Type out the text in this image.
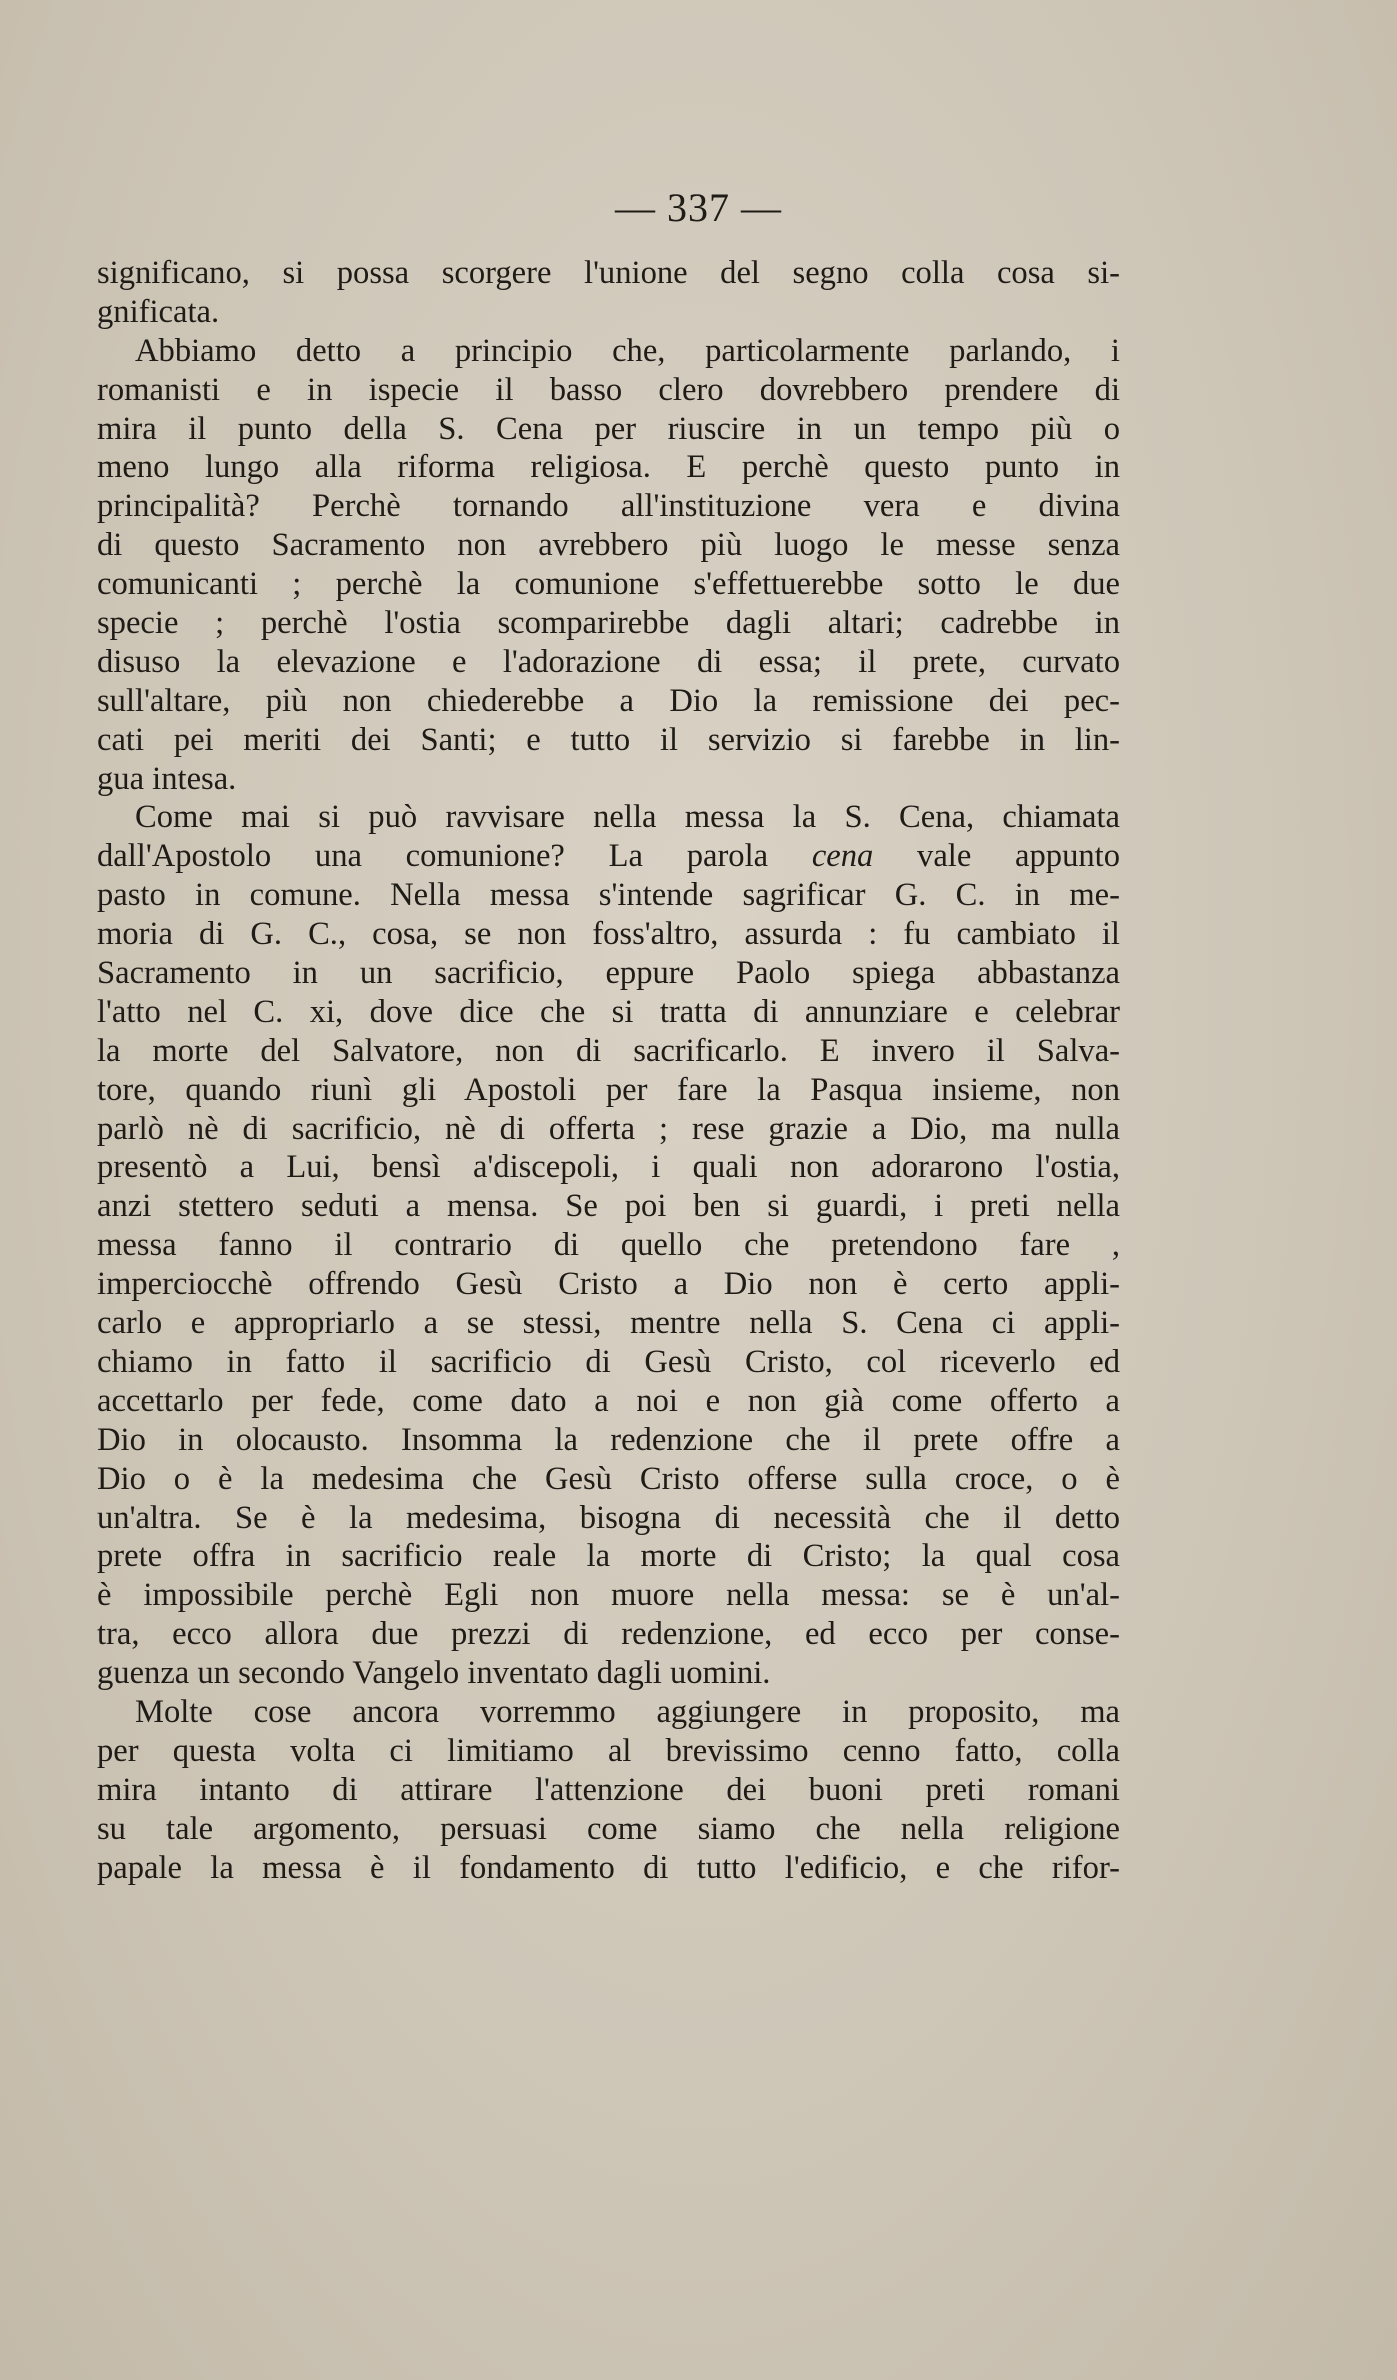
— 337 —

significano, si possa scorgere l'unione del segno colla cosa si-
gnificata.

Abbiamo detto a principio che, particolarmente parlando, i
romanisti e in ispecie il basso clero dovrebbero prendere di
mira il punto della S. Cena per riuscire in un tempo più o
meno lungo alla riforma religiosa. E perchè questo punto in
principalità? Perchè tornando all'instituzione vera e divina
di questo Sacramento non avrebbero più luogo le messe senza
comunicanti ; perchè la comunione s'effettuerebbe sotto le due
specie ; perchè l'ostia scomparirebbe dagli altari; cadrebbe in
disuso la elevazione e l'adorazione di essa; il prete, curvato
sull'altare, più non chiederebbe a Dio la remissione dei pec-
cati pei meriti dei Santi; e tutto il servizio si farebbe in lin-
gua intesa.

Come mai si può ravvisare nella messa la S. Cena, chiamata
dall'Apostolo una comunione? La parola cena vale appunto
pasto in comune. Nella messa s'intende sagrificar G. C. in me-
moria di G. C., cosa, se non foss'altro, assurda : fu cambiato il
Sacramento in un sacrificio, eppure Paolo spiega abbastanza
l'atto nel C. xi, dove dice che si tratta di annunziare e celebrar
la morte del Salvatore, non di sacrificarlo. E invero il Salva-
tore, quando riunì gli Apostoli per fare la Pasqua insieme, non
parlò nè di sacrificio, nè di offerta ; rese grazie a Dio, ma nulla
presentò a Lui, bensì a'discepoli, i quali non adorarono l'ostia,
anzi stettero seduti a mensa. Se poi ben si guardi, i preti nella
messa fanno il contrario di quello che pretendono fare ,
imperciocchè offrendo Gesù Cristo a Dio non è certo appli-
carlo e appropriarlo a se stessi, mentre nella S. Cena ci appli-
chiamo in fatto il sacrificio di Gesù Cristo, col riceverlo ed
accettarlo per fede, come dato a noi e non già come offerto a
Dio in olocausto. Insomma la redenzione che il prete offre a
Dio o è la medesima che Gesù Cristo offerse sulla croce, o è
un'altra. Se è la medesima, bisogna di necessità che il detto
prete offra in sacrificio reale la morte di Cristo; la qual cosa
è impossibile perchè Egli non muore nella messa: se è un'al-
tra, ecco allora due prezzi di redenzione, ed ecco per conse-
guenza un secondo Vangelo inventato dagli uomini.

Molte cose ancora vorremmo aggiungere in proposito, ma
per questa volta ci limitiamo al brevissimo cenno fatto, colla
mira intanto di attirare l'attenzione dei buoni preti romani
su tale argomento, persuasi come siamo che nella religione
papale la messa è il fondamento di tutto l'edificio, e che rifor-
